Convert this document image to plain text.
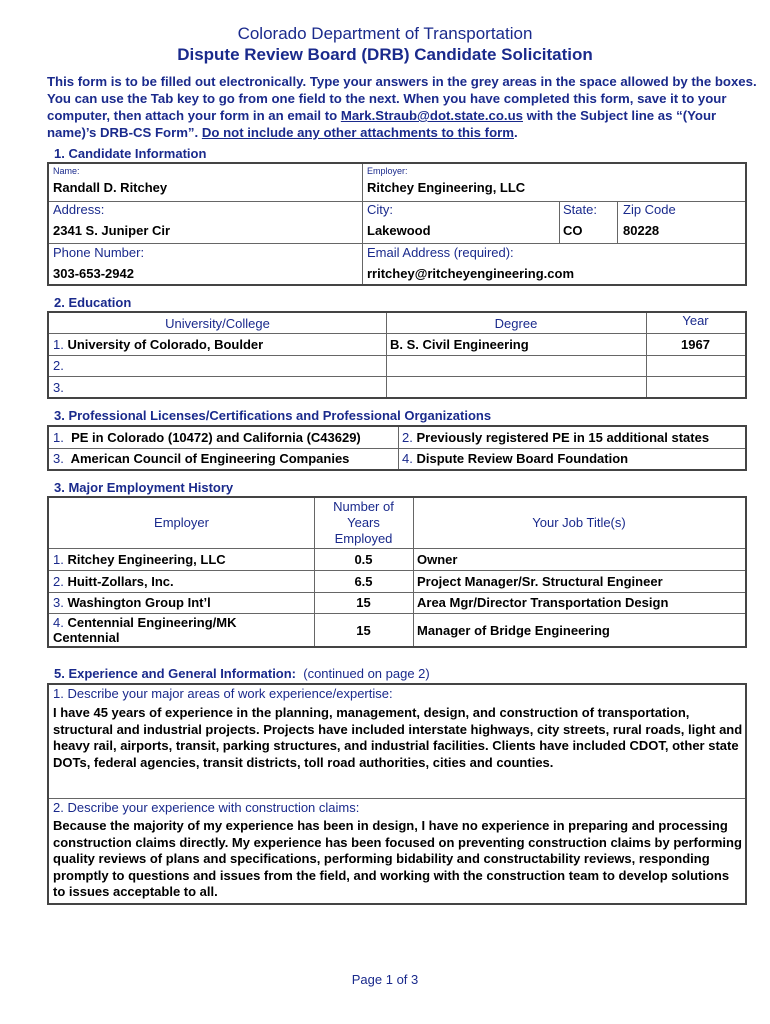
Colorado Department of Transportation
Dispute Review Board (DRB) Candidate Solicitation
This form is to be filled out electronically. Type your answers in the grey areas in the space allowed by the boxes. You can use the Tab key to go from one field to the next. When you have completed this form, save it to your computer, then attach your form in an email to Mark.Straub@dot.state.co.us with the Subject line as “(Your name)’s DRB-CS Form”. Do not include any other attachments to this form.
1. Candidate Information
Name:
Randall D. Ritchey
Employer:
Ritchey Engineering, LLC
Address:
2341 S. Juniper Cir
City:
Lakewood
State:
CO
Zip Code
80228
Phone Number:
303-653-2942
Email Address (required):
rritchey@ritcheyengineering.com
2. Education
University/College	Degree	Year
1. University of Colorado, Boulder	B. S. Civil Engineering	1967
2.
3.
3. Professional Licenses/Certifications and Professional Organizations
1. PE in Colorado (10472) and California (C43629)	2. Previously registered PE in 15 additional states
3. American Council of Engineering Companies	4. Dispute Review Board Foundation
3. Major Employment History
Employer
Number of
Years
Employed
Your Job Title(s)
1. Ritchey Engineering, LLC	0.5	Owner
2. Huitt-Zollars, Inc.	6.5	Project Manager/Sr. Structural Engineer
3. Washington Group Int’l	15	Area Mgr/Director Transportation Design
4. Centennial Engineering/MK
Centennial	15	Manager of Bridge Engineering
5. Experience and General Information: (continued on page 2)
1. Describe your major areas of work experience/expertise:
I have 45 years of experience in the planning, management, design, and construction of transportation, structural and industrial projects. Projects have included interstate highways, city streets, rural roads, light and heavy rail, airports, transit, parking structures, and industrial facilities. Clients have included CDOT, other state DOTs, federal agencies, transit districts, toll road authorities, cities and counties.
2. Describe your experience with construction claims:
Because the majority of my experience has been in design, I have no experience in preparing and processing construction claims directly. My experience has been focused on preventing construction claims by performing quality reviews of plans and specifications, performing bidability and constructability reviews, responding promptly to questions and issues from the field, and working with the construction team to develop solutions to issues acceptable to all.
Page 1 of 3
